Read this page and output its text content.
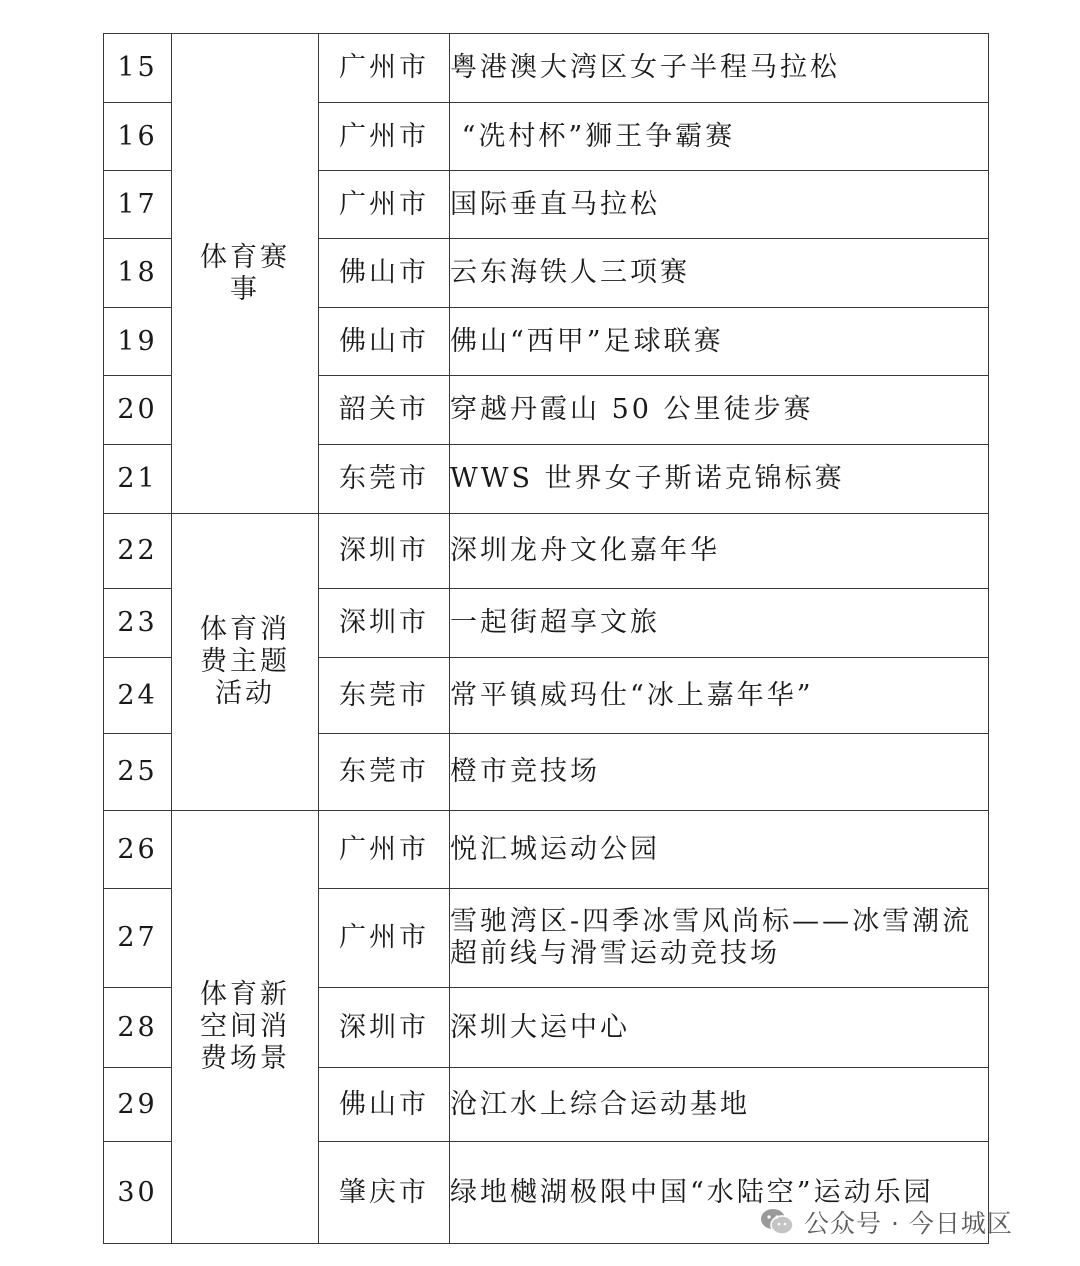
15	体育赛事	广州市	粤港澳大湾区女子半程马拉松
16		广州市	“冼村杯”狮王争霸赛
17		广州市	国际垂直马拉松
18		佛山市	云东海铁人三项赛
19		佛山市	佛山“西甲”足球联赛
20		韶关市	穿越丹霞山 50 公里徒步赛
21		东莞市	WWS 世界女子斯诺克锦标赛
22	体育消费主题活动	深圳市	深圳龙舟文化嘉年华
23		深圳市	一起街超享文旅
24		东莞市	常平镇威玛仕“冰上嘉年华”
25		东莞市	橙市竞技场
26	体育新空间消费场景	广州市	悦汇城运动公园
27		广州市	雪驰湾区-四季冰雪风尚标——冰雪潮流超前线与滑雪运动竞技场
28		深圳市	深圳大运中心
29		佛山市	沧江水上综合运动基地
30		肇庆市	绿地樾湖极限中国“水陆空”运动乐园
公众号 · 今日城区
